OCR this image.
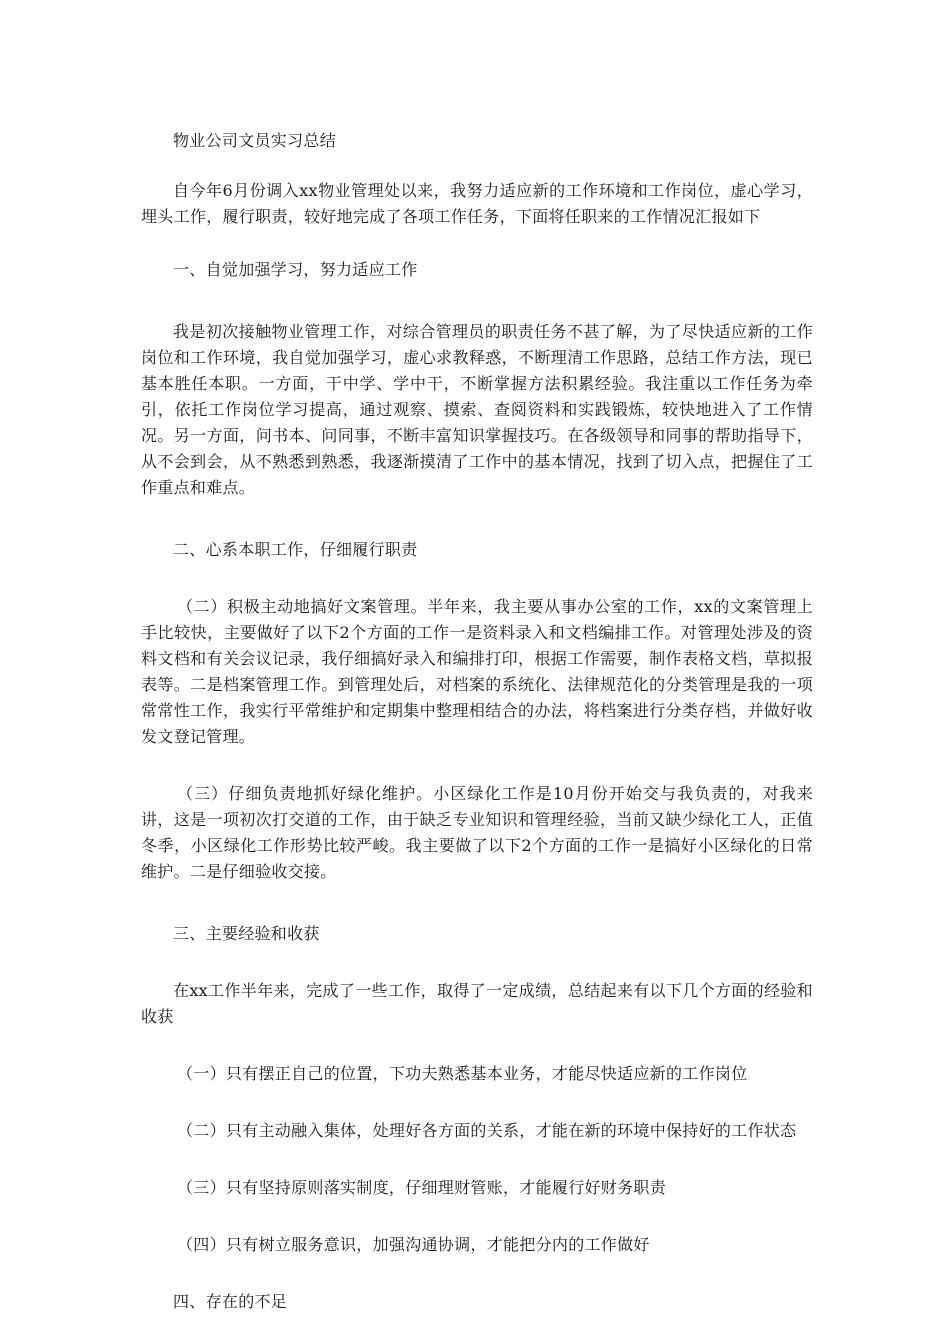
物业公司文员实习总结

自今年6月份调入xx物业管理处以来，我努力适应新的工作环境和工作岗位，虚心学习，埋头工作，履行职责，较好地完成了各项工作任务，下面将任职来的工作情况汇报如下

一、自觉加强学习，努力适应工作

我是初次接触物业管理工作，对综合管理员的职责任务不甚了解，为了尽快适应新的工作岗位和工作环境，我自觉加强学习，虚心求教释惑，不断理清工作思路，总结工作方法，现已基本胜任本职。一方面，干中学、学中干，不断掌握方法积累经验。我注重以工作任务为牵引，依托工作岗位学习提高，通过观察、摸索、查阅资料和实践锻炼，较快地进入了工作情况。另一方面，问书本、问同事，不断丰富知识掌握技巧。在各级领导和同事的帮助指导下，从不会到会，从不熟悉到熟悉，我逐渐摸清了工作中的基本情况，找到了切入点，把握住了工作重点和难点。

二、心系本职工作，仔细履行职责

（二）积极主动地搞好文案管理。半年来，我主要从事办公室的工作，xx的文案管理上手比较快，主要做好了以下2个方面的工作一是资料录入和文档编排工作。对管理处涉及的资料文档和有关会议记录，我仔细搞好录入和编排打印，根据工作需要，制作表格文档，草拟报表等。二是档案管理工作。到管理处后，对档案的系统化、法律规范化的分类管理是我的一项常常性工作，我实行平常维护和定期集中整理相结合的办法，将档案进行分类存档，并做好收发文登记管理。

（三）仔细负责地抓好绿化维护。小区绿化工作是10月份开始交与我负责的，对我来讲，这是一项初次打交道的工作，由于缺乏专业知识和管理经验，当前又缺少绿化工人，正值冬季，小区绿化工作形势比较严峻。我主要做了以下2个方面的工作一是搞好小区绿化的日常维护。二是仔细验收交接。

三、主要经验和收获

在xx工作半年来，完成了一些工作，取得了一定成绩，总结起来有以下几个方面的经验和收获

（一）只有摆正自己的位置，下功夫熟悉基本业务，才能尽快适应新的工作岗位

（二）只有主动融入集体，处理好各方面的关系，才能在新的环境中保持好的工作状态

（三）只有坚持原则落实制度，仔细理财管账，才能履行好财务职责

（四）只有树立服务意识，加强沟通协调，才能把分内的工作做好

四、存在的不足
